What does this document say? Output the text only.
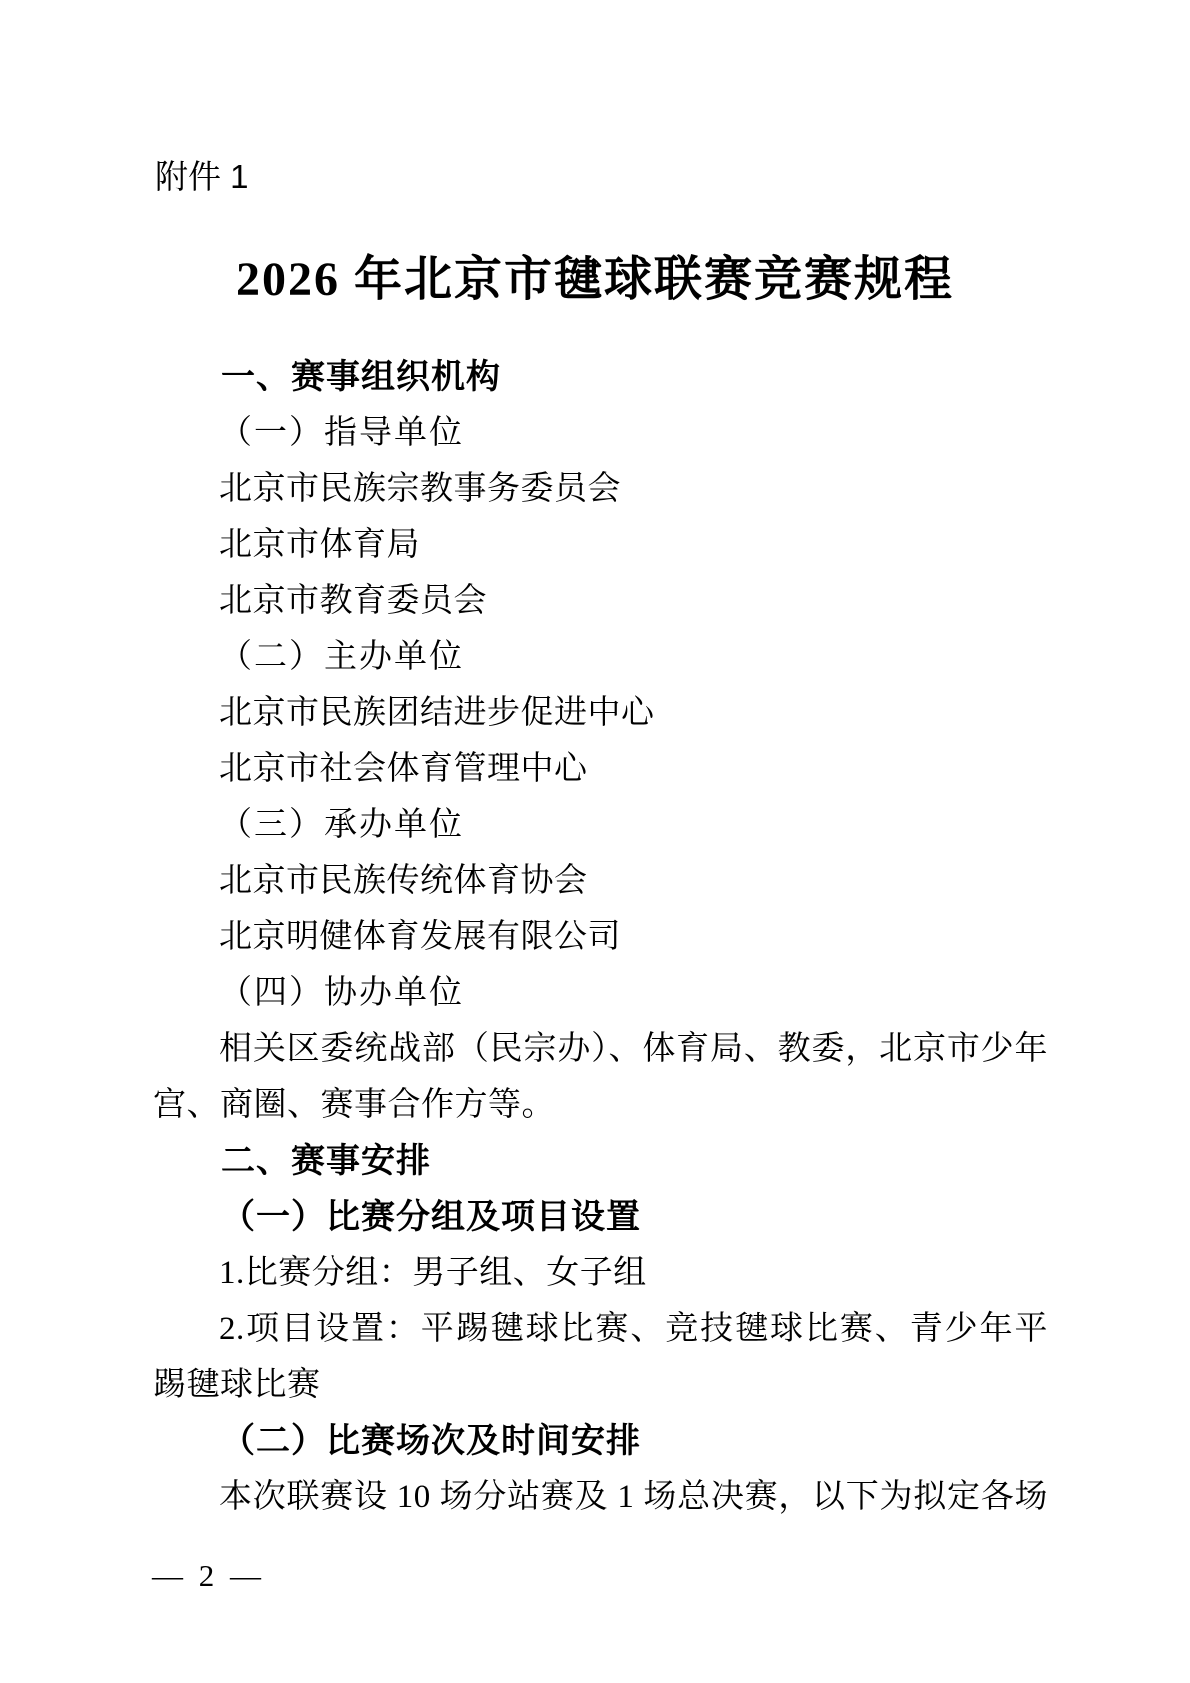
附件 1
2026 年北京市毽球联赛竞赛规程
一、赛事组织机构
（一）指导单位
北京市民族宗教事务委员会
北京市体育局
北京市教育委员会
（二）主办单位
北京市民族团结进步促进中心
北京市社会体育管理中心
（三）承办单位
北京市民族传统体育协会
北京明健体育发展有限公司
（四）协办单位
相关区委统战部（民宗办）、体育局、教委，北京市少年
宫、商圈、赛事合作方等。
二、赛事安排
（一）比赛分组及项目设置
1.比赛分组：男子组、女子组
2.项目设置：平踢毽球比赛、竞技毽球比赛、青少年平
踢毽球比赛
（二）比赛场次及时间安排
本次联赛设 10 场分站赛及 1 场总决赛，以下为拟定各场
— 2 —
